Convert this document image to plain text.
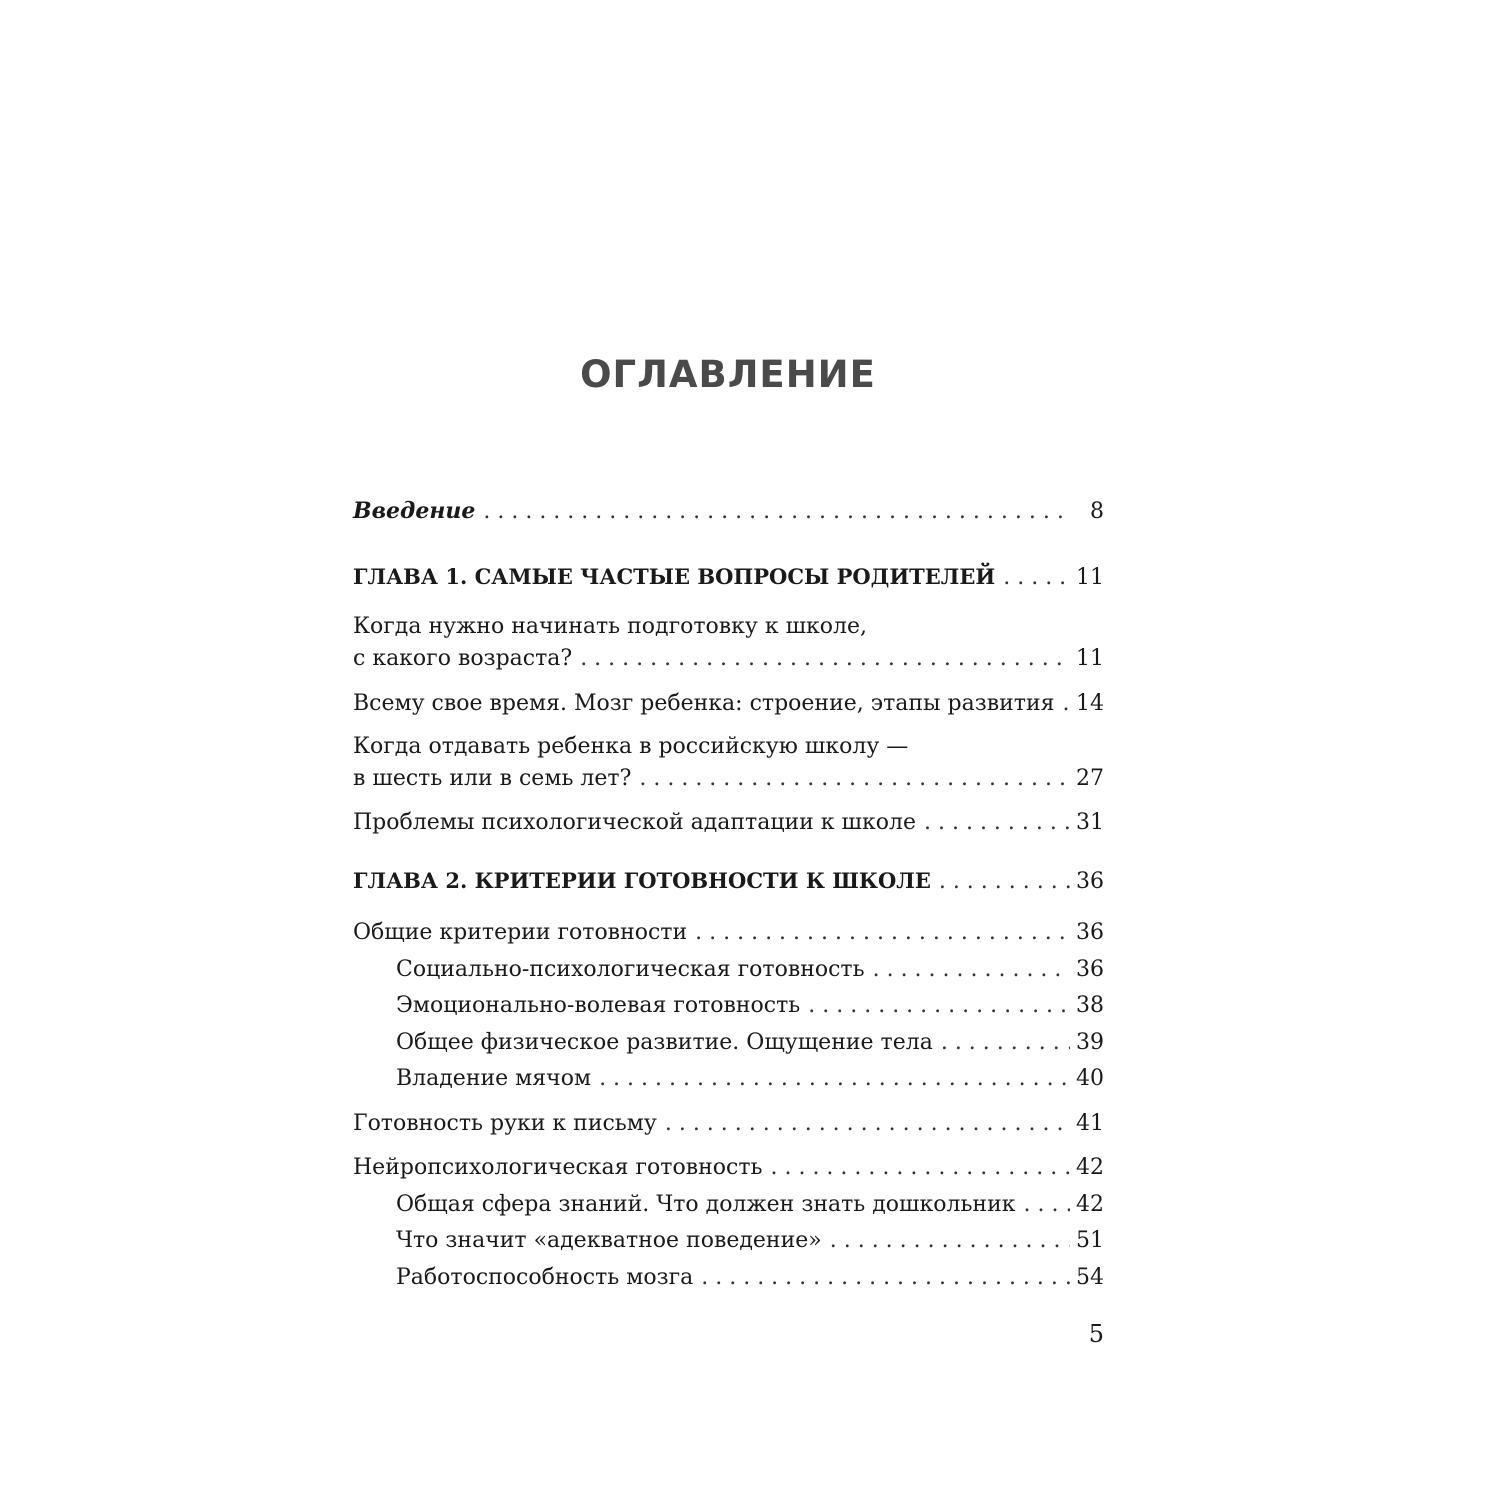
ОГЛАВЛЕНИЕ
Введение . . .	8
ГЛАВА 1. САМЫЕ ЧАСТЫЕ ВОПРОСЫ РОДИТЕЛЕЙ . . .	11
Когда нужно начинать подготовку к школе,
с какого возраста? . . .	11
Всему свое время. Мозг ребенка: строение, этапы развития . . . 14
Когда отдавать ребенка в российскую школу —
в шесть или в семь лет? . . .	27
Проблемы психологической адаптации к школе . . .	31
ГЛАВА 2. КРИТЕРИИ ГОТОВНОСТИ К ШКОЛЕ . . .	36
Общие критерии готовности . . .	36
Социально-психологическая готовность . . .	36
Эмоционально-волевая готовность . . .	38
Общее физическое развитие. Ощущение тела . . .	39
Владение мячом . . .	40
Готовность руки к письму . . .	41
Нейропсихологическая готовность . . .	42
Общая сфера знаний. Что должен знать дошкольник . . .	42
Что значит «адекватное поведение» . . .	51
Работоспособность мозга . . .	54
5
